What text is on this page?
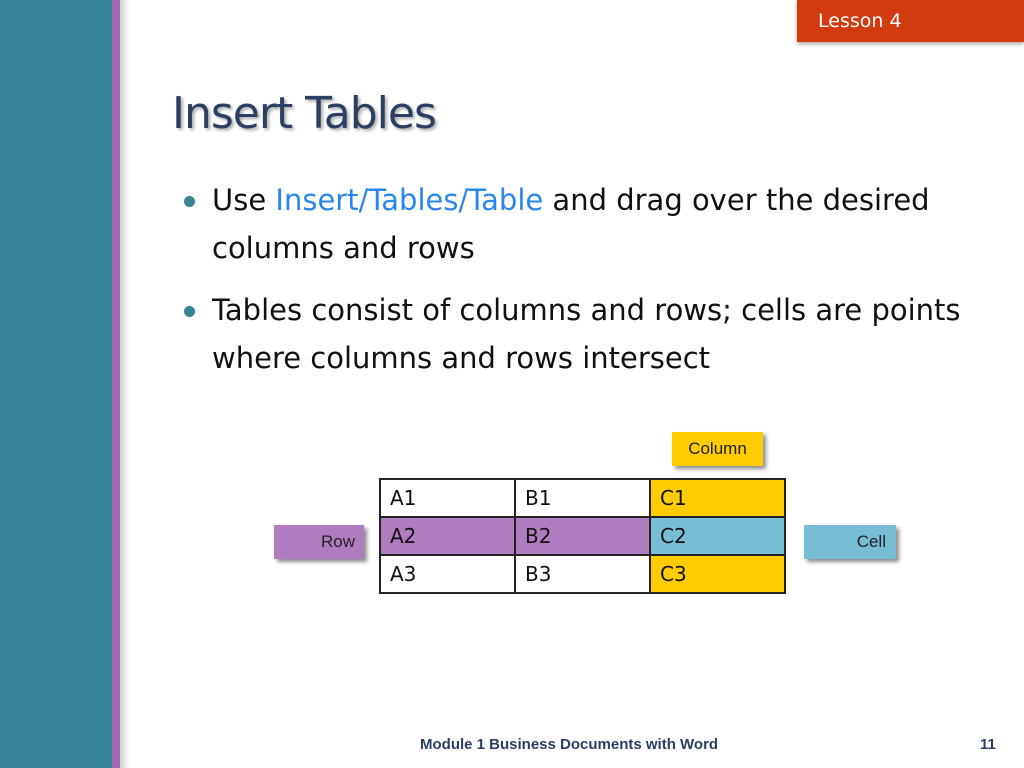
Lesson 4
Insert Tables
Use Insert/Tables/Table and drag over the desired columns and rows
Tables consist of columns and rows; cells are points where columns and rows intersect
Column
Row	Cell
A1	B1	C1
A2	B2	C2
A3	B3	C3
Module 1 Business Documents with Word	11
